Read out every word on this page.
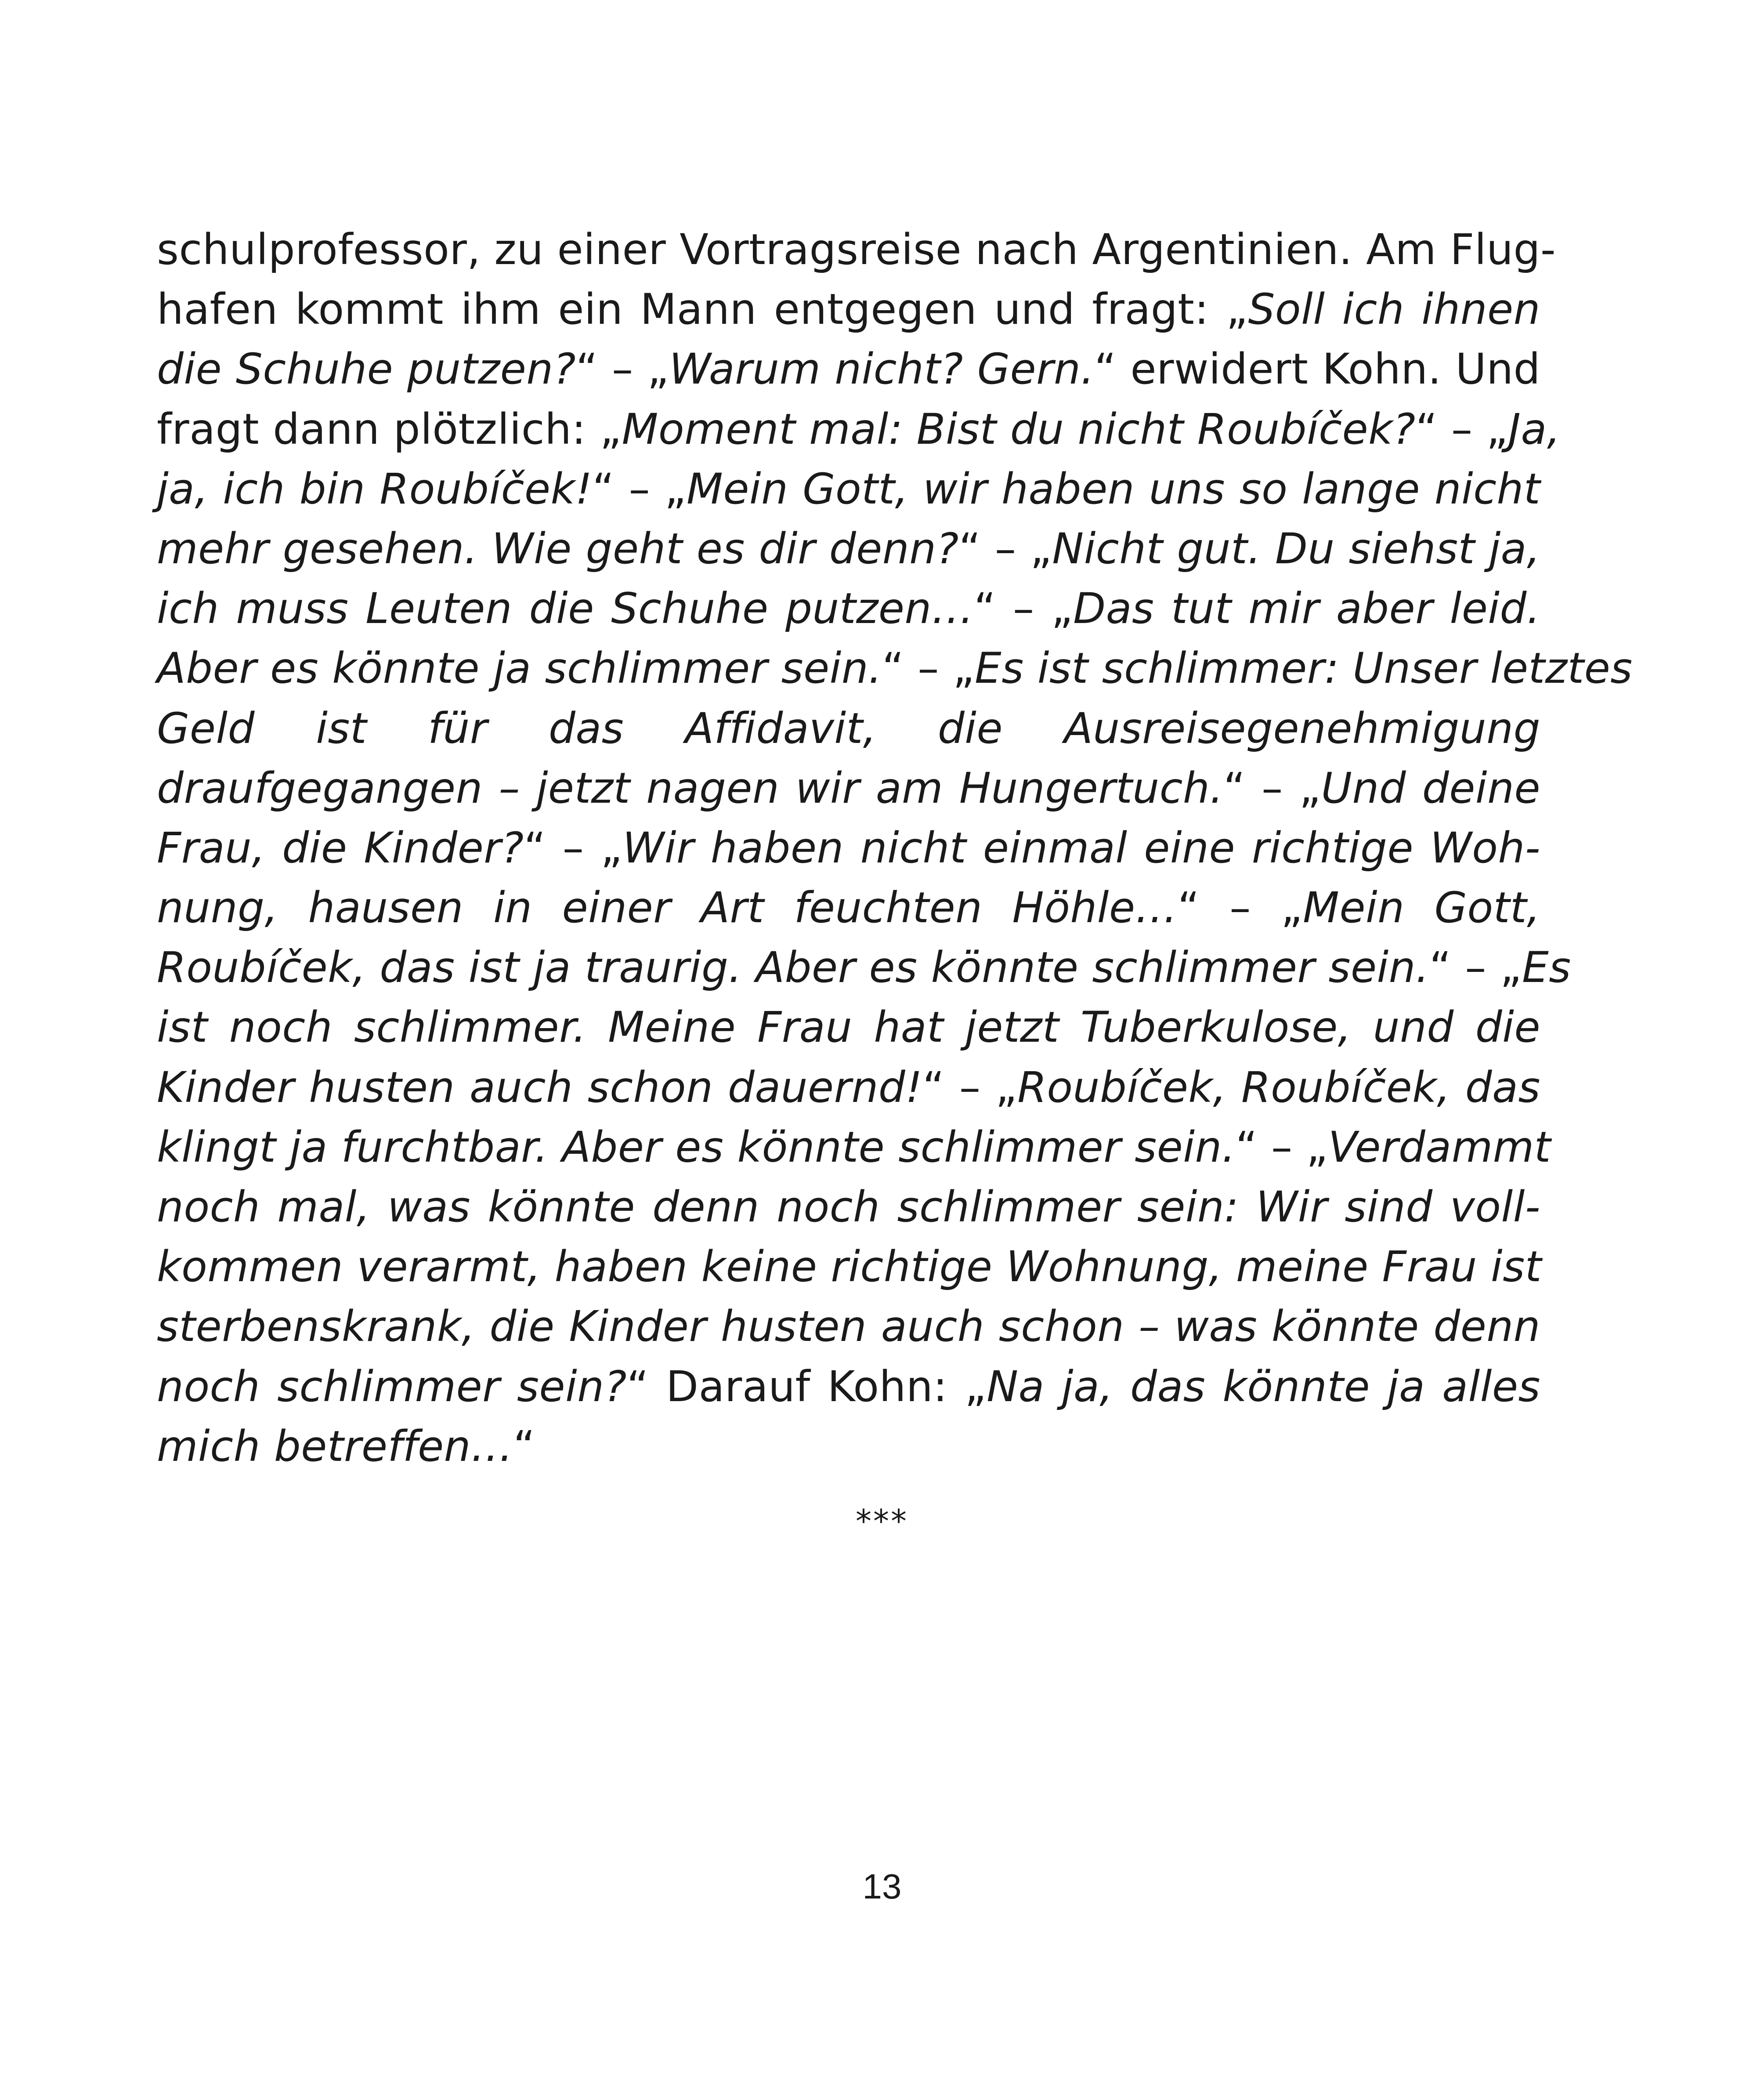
schulprofessor, zu einer Vortragsreise nach Argentinien. Am Flug-
hafen kommt ihm ein Mann entgegen und fragt: „Soll ich ihnen
die Schuhe putzen?“ – „Warum nicht? Gern.“ erwidert Kohn. Und
fragt dann plötzlich: „Moment mal: Bist du nicht Roubíček?“ – „Ja,
ja, ich bin Roubíček!“ – „Mein Gott, wir haben uns so lange nicht
mehr gesehen. Wie geht es dir denn?“ – „Nicht gut. Du siehst ja,
ich muss Leuten die Schuhe putzen…“ – „Das tut mir aber leid.
Aber es könnte ja schlimmer sein.“ – „Es ist schlimmer: Unser letztes
Geld ist für das Affidavit, die Ausreisegenehmigung
draufgegangen – jetzt nagen wir am Hungertuch.“ – „Und deine
Frau, die Kinder?“ – „Wir haben nicht einmal eine richtige Woh-
nung, hausen in einer Art feuchten Höhle…“ – „Mein Gott,
Roubíček, das ist ja traurig. Aber es könnte schlimmer sein.“ – „Es
ist noch schlimmer. Meine Frau hat jetzt Tuberkulose, und die
Kinder husten auch schon dauernd!“ – „Roubíček, Roubíček, das
klingt ja furchtbar. Aber es könnte schlimmer sein.“ – „Verdammt
noch mal, was könnte denn noch schlimmer sein: Wir sind voll-
kommen verarmt, haben keine richtige Wohnung, meine Frau ist
sterbenskrank, die Kinder husten auch schon – was könnte denn
noch schlimmer sein?“ Darauf Kohn: „Na ja, das könnte ja alles
mich betreffen…“
***
13
